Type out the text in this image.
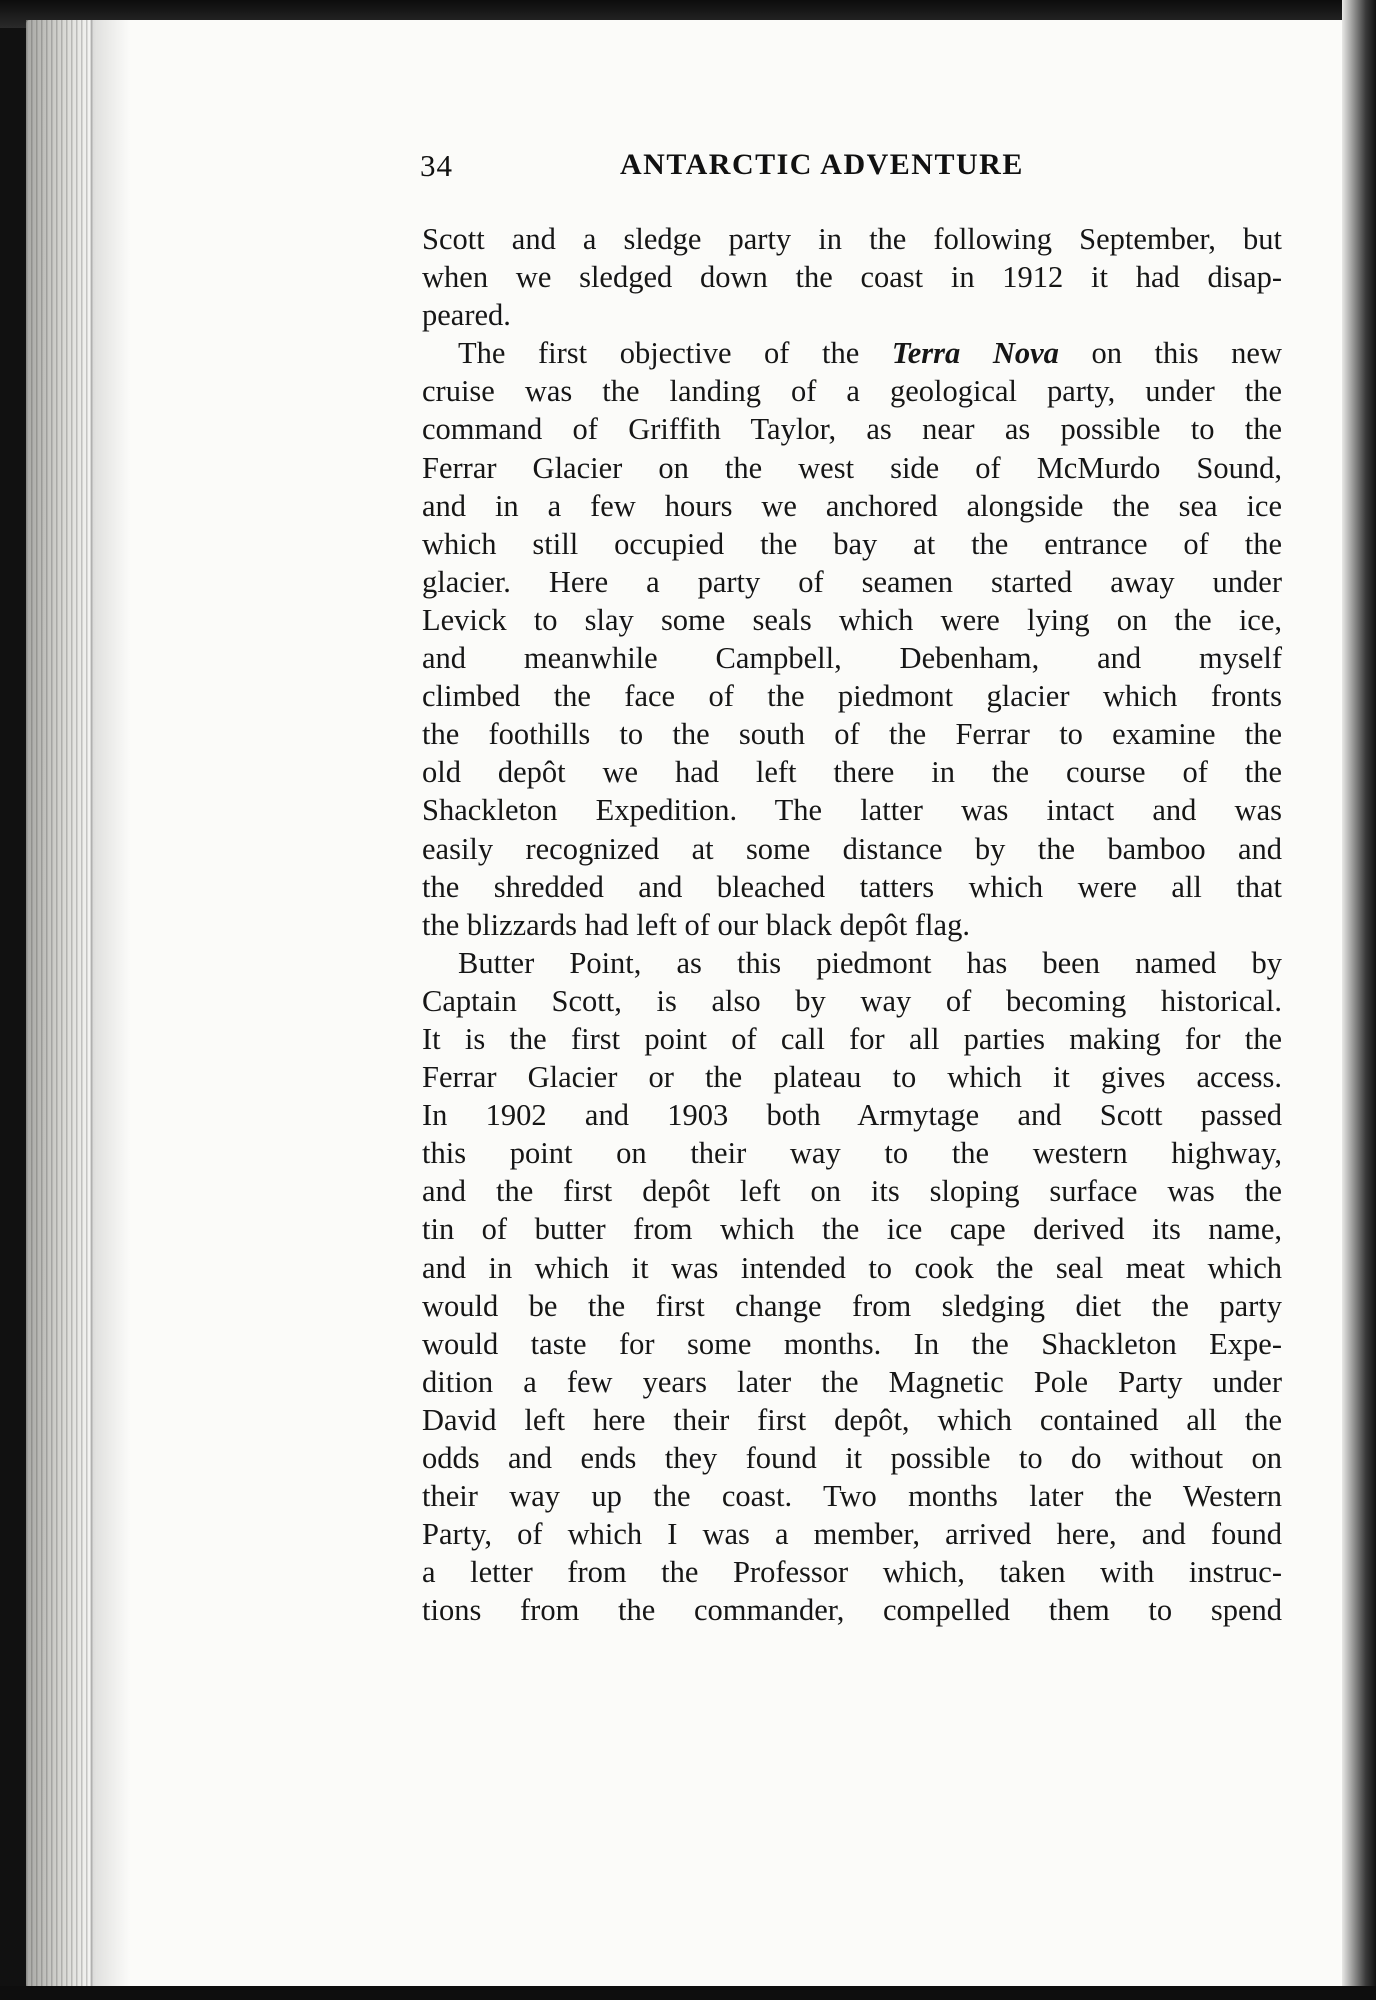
34	ANTARCTIC ADVENTURE
Scott and a sledge party in the following September, but
when we sledged down the coast in 1912 it had disap-
peared.
The first objective of the Terra Nova on this new
cruise was the landing of a geological party, under the
command of Griffith Taylor, as near as possible to the
Ferrar Glacier on the west side of McMurdo Sound,
and in a few hours we anchored alongside the sea ice
which still occupied the bay at the entrance of the
glacier. Here a party of seamen started away under
Levick to slay some seals which were lying on the ice,
and meanwhile Campbell, Debenham, and myself
climbed the face of the piedmont glacier which fronts
the foothills to the south of the Ferrar to examine the
old depôt we had left there in the course of the
Shackleton Expedition. The latter was intact and was
easily recognized at some distance by the bamboo and
the shredded and bleached tatters which were all that
the blizzards had left of our black depôt flag.
Butter Point, as this piedmont has been named by
Captain Scott, is also by way of becoming historical.
It is the first point of call for all parties making for the
Ferrar Glacier or the plateau to which it gives access.
In 1902 and 1903 both Armytage and Scott passed
this point on their way to the western highway,
and the first depôt left on its sloping surface was the
tin of butter from which the ice cape derived its name,
and in which it was intended to cook the seal meat which
would be the first change from sledging diet the party
would taste for some months. In the Shackleton Expe-
dition a few years later the Magnetic Pole Party under
David left here their first depôt, which contained all the
odds and ends they found it possible to do without on
their way up the coast. Two months later the Western
Party, of which I was a member, arrived here, and found
a letter from the Professor which, taken with instruc-
tions from the commander, compelled them to spend
